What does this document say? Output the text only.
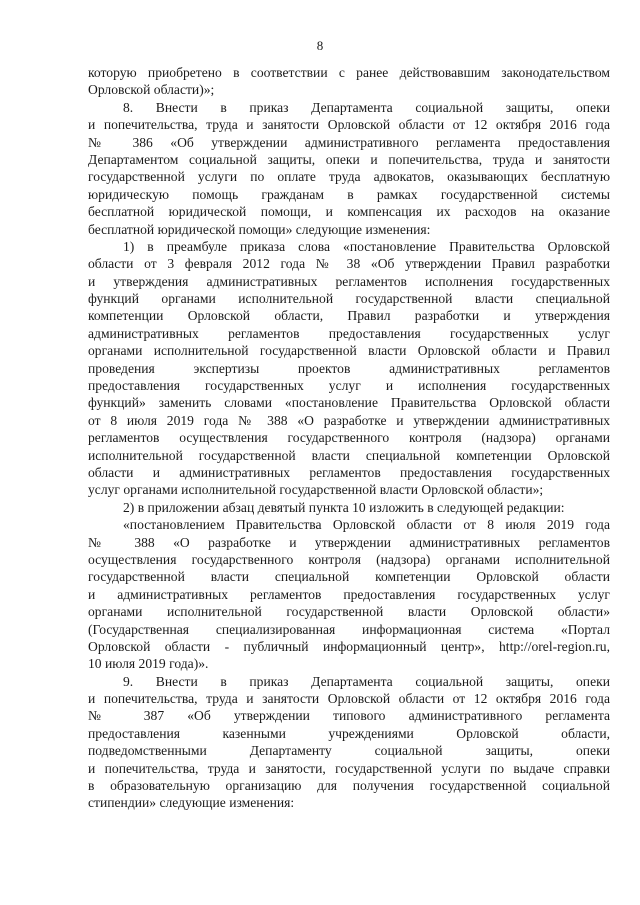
8
которую приобретено в соответствии с ранее действовавшим законодательством
Орловской области)»;
8. Внести в приказ Департамента социальной защиты, опеки
и попечительства, труда и занятости Орловской области от 12 октября 2016 года
№ 386 «Об утверждении административного регламента предоставления
Департаментом социальной защиты, опеки и попечительства, труда и занятости
государственной услуги по оплате труда адвокатов, оказывающих бесплатную
юридическую помощь гражданам в рамках государственной системы
бесплатной юридической помощи, и компенсация их расходов на оказание
бесплатной юридической помощи» следующие изменения:
1) в преамбуле приказа слова «постановление Правительства Орловской
области от 3 февраля 2012 года № 38 «Об утверждении Правил разработки
и утверждения административных регламентов исполнения государственных
функций органами исполнительной государственной власти специальной
компетенции Орловской области, Правил разработки и утверждения
административных регламентов предоставления государственных услуг
органами исполнительной государственной власти Орловской области и Правил
проведения экспертизы проектов административных регламентов
предоставления государственных услуг и исполнения государственных
функций» заменить словами «постановление Правительства Орловской области
от 8 июля 2019 года № 388 «О разработке и утверждении административных
регламентов осуществления государственного контроля (надзора) органами
исполнительной государственной власти специальной компетенции Орловской
области и административных регламентов предоставления государственных
услуг органами исполнительной государственной власти Орловской области»;
2) в приложении абзац девятый пункта 10 изложить в следующей редакции:
«постановлением Правительства Орловской области от 8 июля 2019 года
№ 388 «О разработке и утверждении административных регламентов
осуществления государственного контроля (надзора) органами исполнительной
государственной власти специальной компетенции Орловской области
и административных регламентов предоставления государственных услуг
органами исполнительной государственной власти Орловской области»
(Государственная специализированная информационная система «Портал
Орловской области - публичный информационный центр», http://orel-region.ru,
10 июля 2019 года)».
9. Внести в приказ Департамента социальной защиты, опеки
и попечительства, труда и занятости Орловской области от 12 октября 2016 года
№ 387 «Об утверждении типового административного регламента
предоставления казенными учреждениями Орловской области,
подведомственными Департаменту социальной защиты, опеки
и попечительства, труда и занятости, государственной услуги по выдаче справки
в образовательную организацию для получения государственной социальной
стипендии» следующие изменения:
